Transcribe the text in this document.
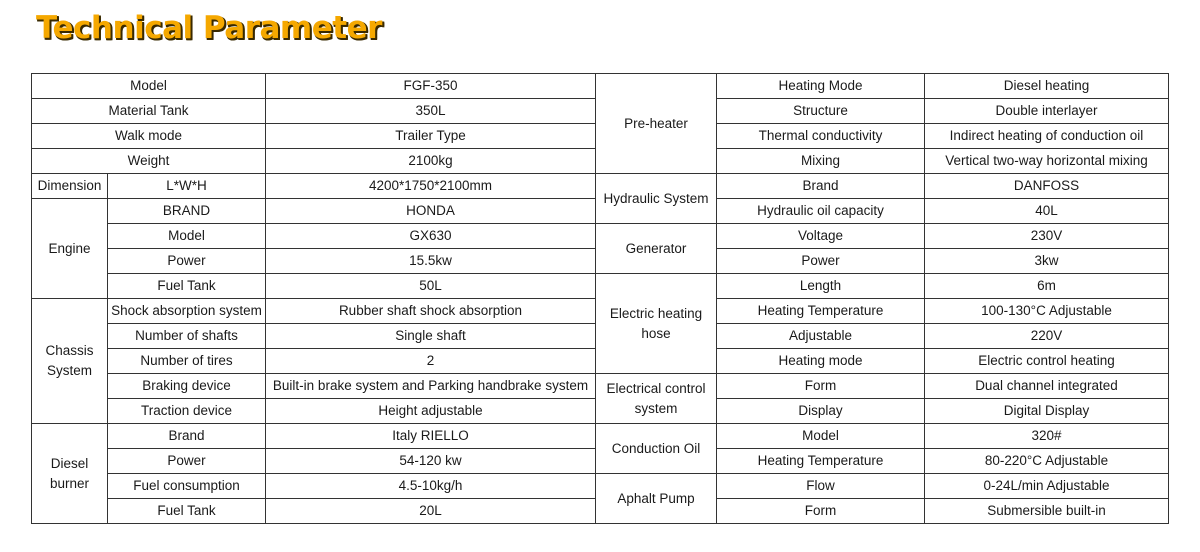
Technical Parameter
Model		FGF-350	Pre-heater	Heating Mode	Diesel heating
Material Tank		350L		Structure	Double interlayer
Walk mode		Trailer Type		Thermal conductivity	Indirect heating of conduction oil
Weight		2100kg		Mixing	Vertical two-way horizontal mixing
Dimension	L*W*H	4200*1750*2100mm	Hydraulic System	Brand	DANFOSS
Engine	BRAND	HONDA		Hydraulic oil capacity	40L
	Model	GX630	Generator	Voltage	230V
	Power	15.5kw		Power	3kw
	Fuel Tank	50L	Electric heating hose	Length	6m
Chassis System	Shock absorption system	Rubber shaft shock absorption		Heating Temperature	100-130°C Adjustable
	Number of shafts	Single shaft		Adjustable	220V
	Number of tires	2		Heating mode	Electric control heating
	Braking device	Built-in brake system and Parking handbrake system	Electrical control system	Form	Dual channel integrated
	Traction device	Height adjustable		Display	Digital Display
Diesel burner	Brand	Italy RIELLO	Conduction Oil	Model	320#
	Power	54-120 kw		Heating Temperature	80-220°C Adjustable
	Fuel consumption	4.5-10kg/h	Aphalt Pump	Flow	0-24L/min Adjustable
	Fuel Tank	20L		Form	Submersible built-in
